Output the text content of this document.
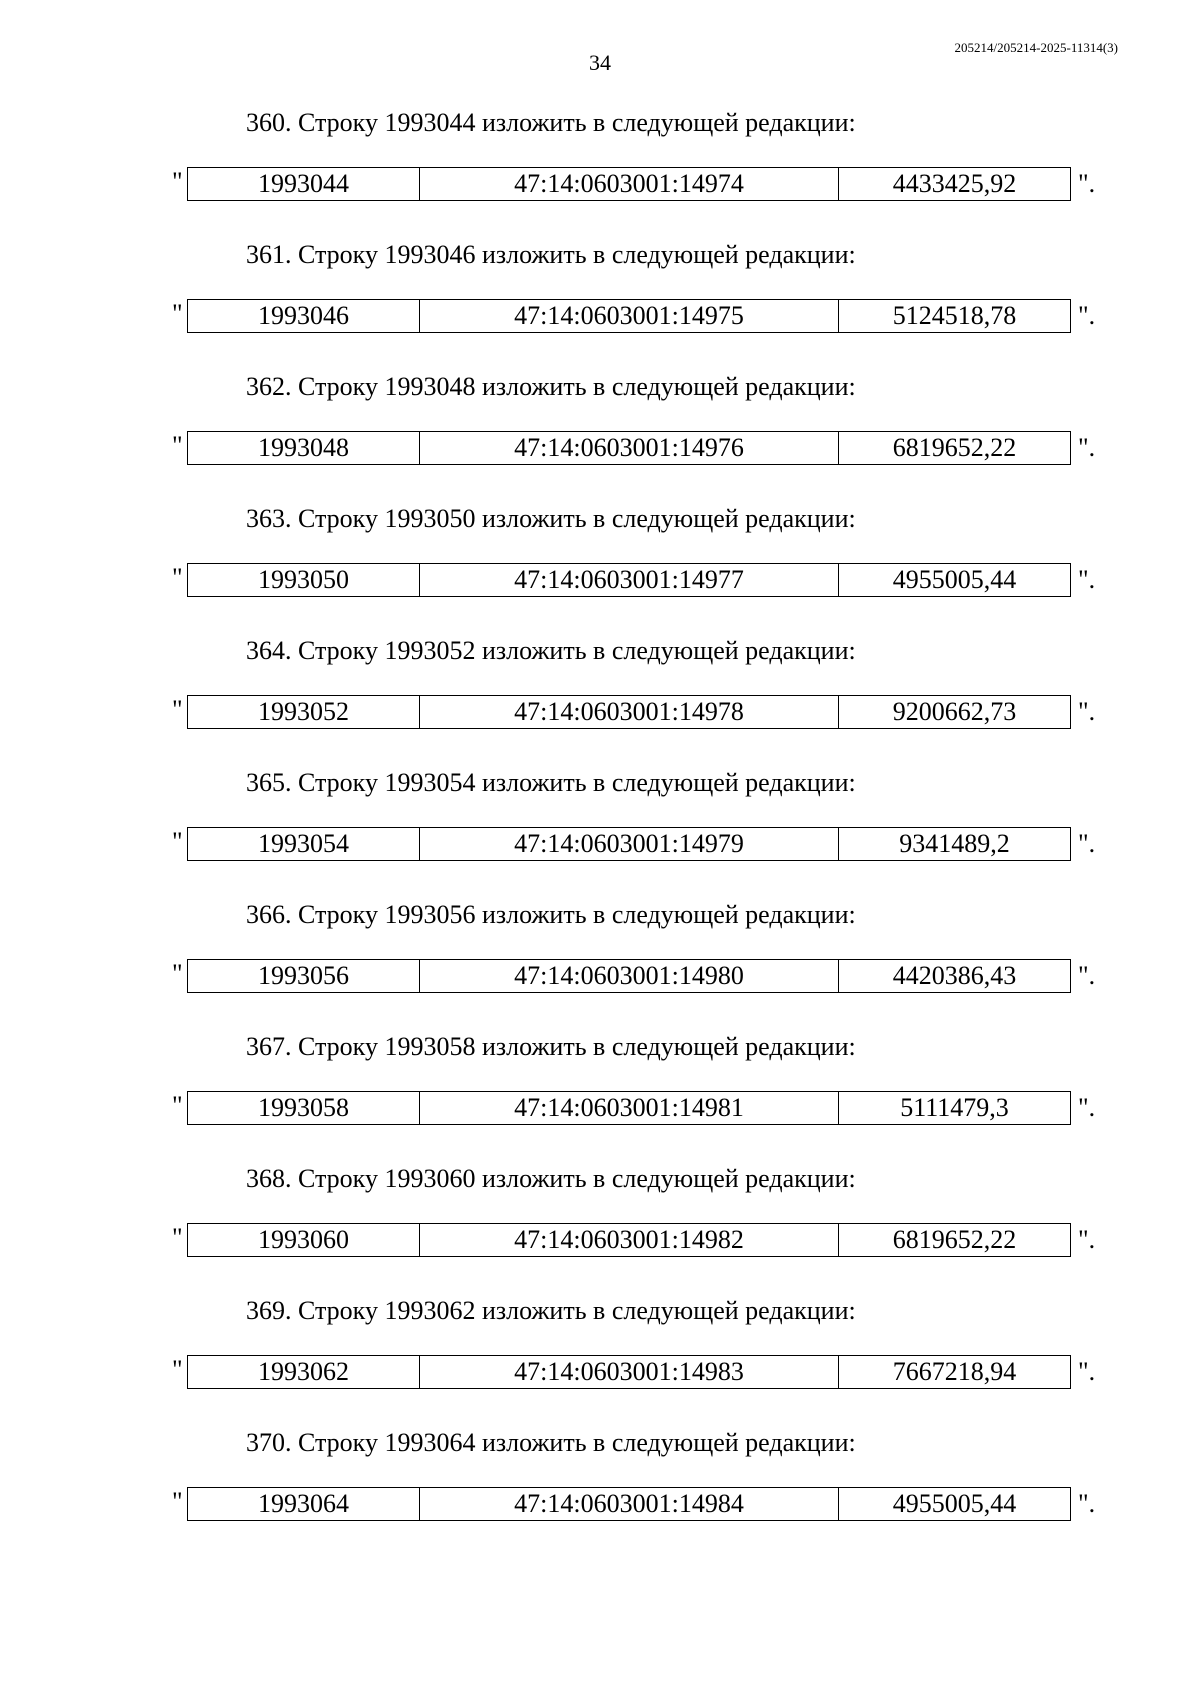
34
205214/205214-2025-11314(3)
360. Строку 1993044 изложить в следующей редакции:
"	1993044	47:14:0603001:14974	4433425,92 ".
361. Строку 1993046 изложить в следующей редакции:
"	1993046	47:14:0603001:14975	5124518,78 ".
362. Строку 1993048 изложить в следующей редакции:
"	1993048	47:14:0603001:14976	6819652,22 ".
363. Строку 1993050 изложить в следующей редакции:
"	1993050	47:14:0603001:14977	4955005,44 ".
364. Строку 1993052 изложить в следующей редакции:
"	1993052	47:14:0603001:14978	9200662,73 ".
365. Строку 1993054 изложить в следующей редакции:
"	1993054	47:14:0603001:14979	9341489,2	".
366. Строку 1993056 изложить в следующей редакции:
"	1993056	47:14:0603001:14980	4420386,43 ".
367. Строку 1993058 изложить в следующей редакции:
"	1993058	47:14:0603001:14981	5111479,3	".
368. Строку 1993060 изложить в следующей редакции:
"	1993060	47:14:0603001:14982	6819652,22 ".
369. Строку 1993062 изложить в следующей редакции:
"	1993062	47:14:0603001:14983	7667218,94 ".
370. Строку 1993064 изложить в следующей редакции:
"	1993064	47:14:0603001:14984	4955005,44 ".
